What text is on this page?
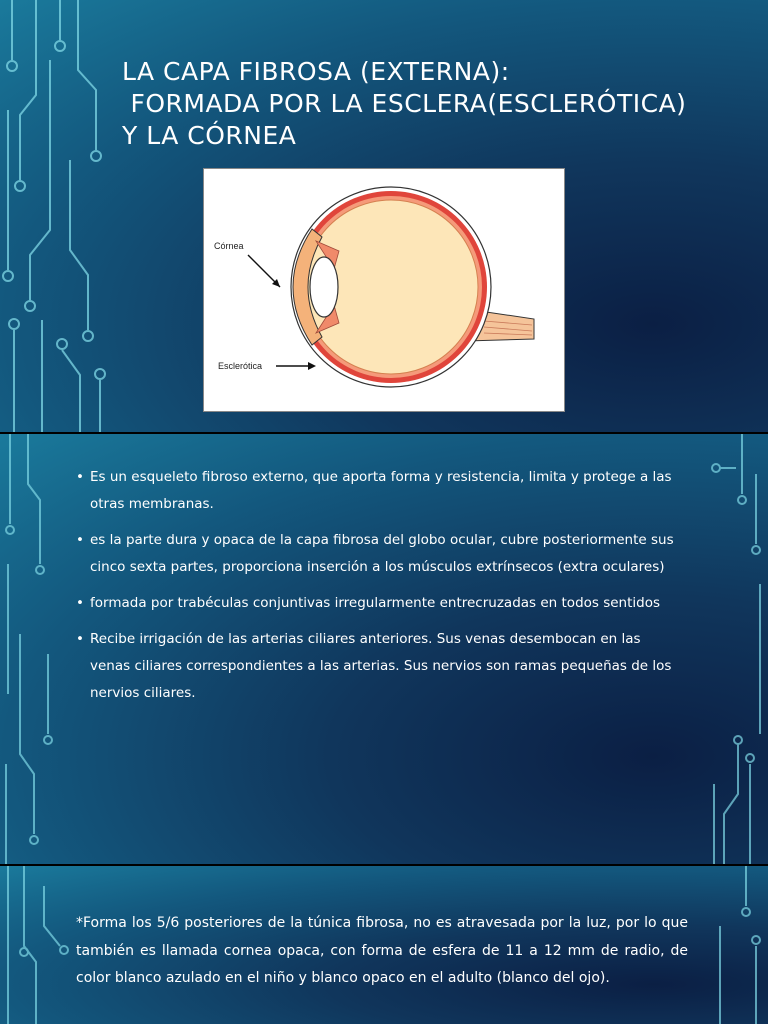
LA CAPA FIBROSA (EXTERNA):
FORMADA POR LA ESCLERA(ESCLERÓTICA)
Y LA CÓRNEA
Córnea
Esclerótica
• Es un esqueleto fibroso externo, que aporta forma y resistencia, limita y protege a las otras membranas.
• es la parte dura y opaca de la capa fibrosa del globo ocular, cubre posteriormente sus cinco sexta partes, proporciona inserción a los músculos extrínsecos (extra oculares)
• formada por trabéculas conjuntivas irregularmente entrecruzadas en todos sentidos
• Recibe irrigación de las arterias ciliares anteriores. Sus venas desembocan en las venas ciliares correspondientes a las arterias. Sus nervios son ramas pequeñas de los nervios ciliares.

*Forma los 5/6 posteriores de la túnica fibrosa, no es atravesada por la luz, por lo que también es llamada cornea opaca, con forma de esfera de 11 a 12 mm de radio, de color blanco azulado en el niño y blanco opaco en el adulto (blanco del ojo).
